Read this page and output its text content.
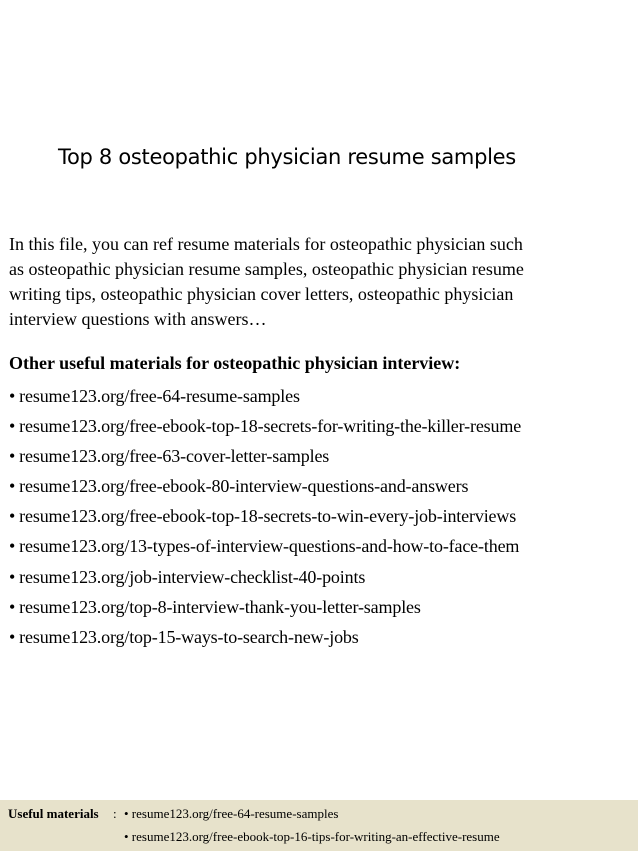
Top 8 osteopathic physician resume samples
In this file, you can ref resume materials for osteopathic physician such
as osteopathic physician resume samples, osteopathic physician resume
writing tips, osteopathic physician cover letters, osteopathic physician
interview questions with answers…
Other useful materials for osteopathic physician interview:
• resume123.org/free-64-resume-samples
• resume123.org/free-ebook-top-18-secrets-for-writing-the-killer-resume
• resume123.org/free-63-cover-letter-samples
• resume123.org/free-ebook-80-interview-questions-and-answers
• resume123.org/free-ebook-top-18-secrets-to-win-every-job-interviews
• resume123.org/13-types-of-interview-questions-and-how-to-face-them
• resume123.org/job-interview-checklist-40-points
• resume123.org/top-8-interview-thank-you-letter-samples
• resume123.org/top-15-ways-to-search-new-jobs
Useful materials : • resume123.org/free-64-resume-samples
• resume123.org/free-ebook-top-16-tips-for-writing-an-effective-resume
